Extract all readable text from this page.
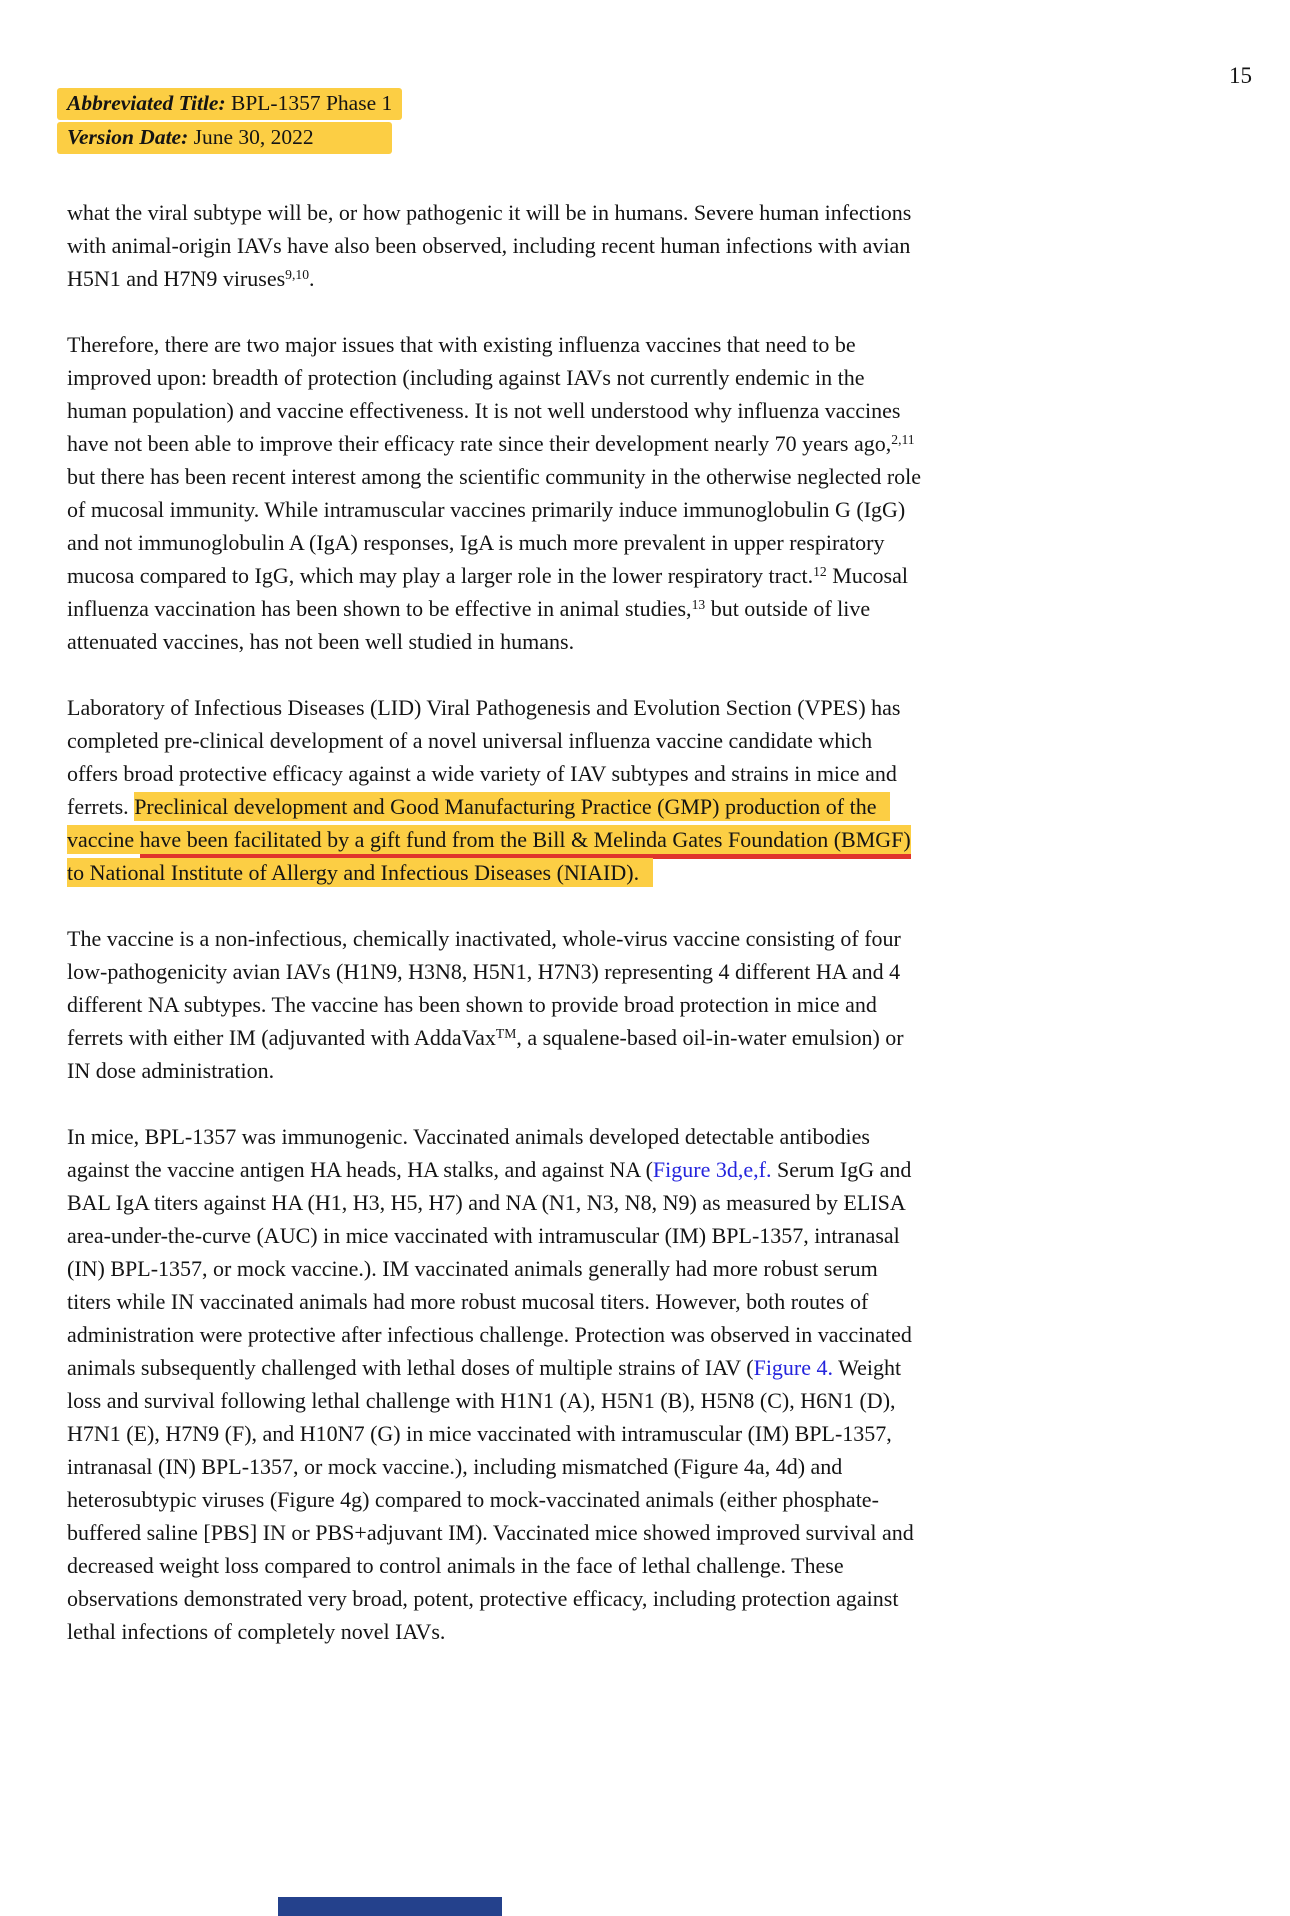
15
Abbreviated Title: BPL-1357 Phase 1
Version Date: June 30, 2022
what the viral subtype will be, or how pathogenic it will be in humans. Severe human infections
with animal-origin IAVs have also been observed, including recent human infections with avian
H5N1 and H7N9 viruses$^{9,10}$.
Therefore, there are two major issues that with existing influenza vaccines that need to be
improved upon: breadth of protection (including against IAVs not currently endemic in the
human population) and vaccine effectiveness. It is not well understood why influenza vaccines
have not been able to improve their efficacy rate since their development nearly 70 years ago,$^{2,11}$
but there has been recent interest among the scientific community in the otherwise neglected role
of mucosal immunity. While intramuscular vaccines primarily induce immunoglobulin G (IgG)
and not immunoglobulin A (IgA) responses, IgA is much more prevalent in upper respiratory
mucosa compared to IgG, which may play a larger role in the lower respiratory tract.$^{12}$ Mucosal
influenza vaccination has been shown to be effective in animal studies,$^{13}$ but outside of live
attenuated vaccines, has not been well studied in humans.
Laboratory of Infectious Diseases (LID) Viral Pathogenesis and Evolution Section (VPES) has
completed pre-clinical development of a novel universal influenza vaccine candidate which
offers broad protective efficacy against a wide variety of IAV subtypes and strains in mice and
ferrets. Preclinical development and Good Manufacturing Practice (GMP) production of the
vaccine have been facilitated by a gift fund from the Bill & Melinda Gates Foundation (BMGF)
to National Institute of Allergy and Infectious Diseases (NIAID).
The vaccine is a non-infectious, chemically inactivated, whole-virus vaccine consisting of four
low-pathogenicity avian IAVs (H1N9, H3N8, H5N1, H7N3) representing 4 different HA and 4
different NA subtypes. The vaccine has been shown to provide broad protection in mice and
ferrets with either IM (adjuvanted with AddaVax™, a squalene-based oil-in-water emulsion) or
IN dose administration.
In mice, BPL-1357 was immunogenic. Vaccinated animals developed detectable antibodies
against the vaccine antigen HA heads, HA stalks, and against NA (Figure 3d,e,f. Serum IgG and
BAL IgA titers against HA (H1, H3, H5, H7) and NA (N1, N3, N8, N9) as measured by ELISA
area-under-the-curve (AUC) in mice vaccinated with intramuscular (IM) BPL-1357, intranasal
(IN) BPL-1357, or mock vaccine.). IM vaccinated animals generally had more robust serum
titers while IN vaccinated animals had more robust mucosal titers. However, both routes of
administration were protective after infectious challenge. Protection was observed in vaccinated
animals subsequently challenged with lethal doses of multiple strains of IAV (Figure 4. Weight
loss and survival following lethal challenge with H1N1 (A), H5N1 (B), H5N8 (C), H6N1 (D),
H7N1 (E), H7N9 (F), and H10N7 (G) in mice vaccinated with intramuscular (IM) BPL-1357,
intranasal (IN) BPL-1357, or mock vaccine.), including mismatched (Figure 4a, 4d) and
heterosubtypic viruses (Figure 4g) compared to mock-vaccinated animals (either phosphate-
buffered saline [PBS] IN or PBS+adjuvant IM). Vaccinated mice showed improved survival and
decreased weight loss compared to control animals in the face of lethal challenge. These
observations demonstrated very broad, potent, protective efficacy, including protection against
lethal infections of completely novel IAVs.
